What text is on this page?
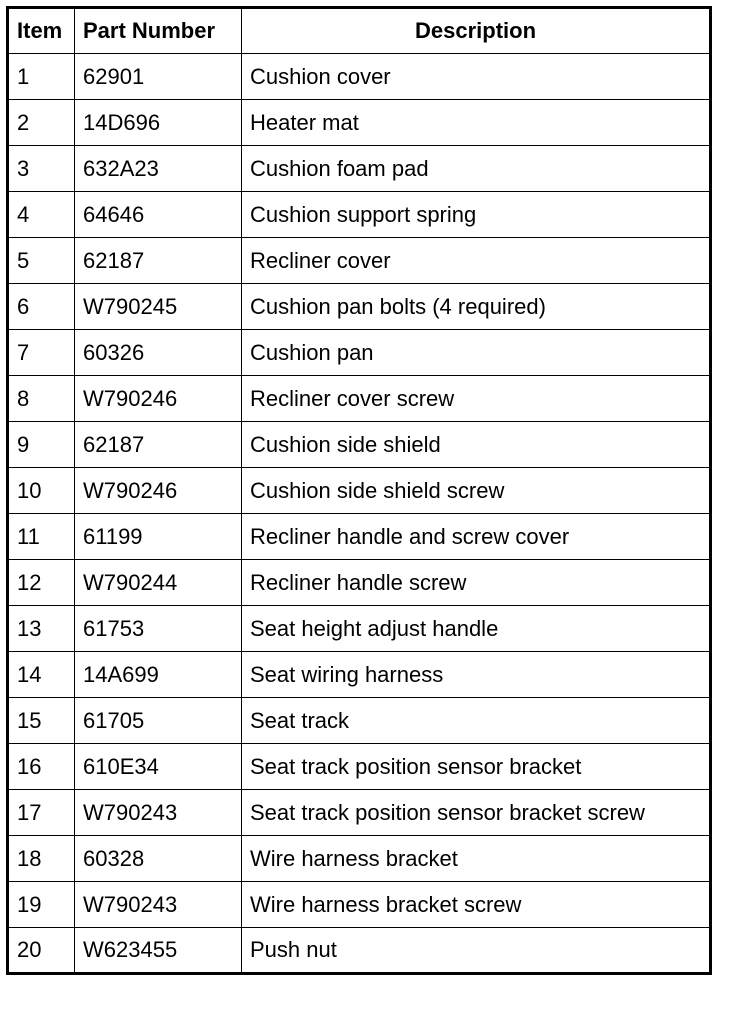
Item	Part Number	Description
1	62901	Cushion cover
2	14D696	Heater mat
3	632A23	Cushion foam pad
4	64646	Cushion support spring
5	62187	Recliner cover
6	W790245	Cushion pan bolts (4 required)
7	60326	Cushion pan
8	W790246	Recliner cover screw
9	62187	Cushion side shield
10	W790246	Cushion side shield screw
11	61199	Recliner handle and screw cover
12	W790244	Recliner handle screw
13	61753	Seat height adjust handle
14	14A699	Seat wiring harness
15	61705	Seat track
16	610E34	Seat track position sensor bracket
17	W790243	Seat track position sensor bracket screw
18	60328	Wire harness bracket
19	W790243	Wire harness bracket screw
20	W623455	Push nut
